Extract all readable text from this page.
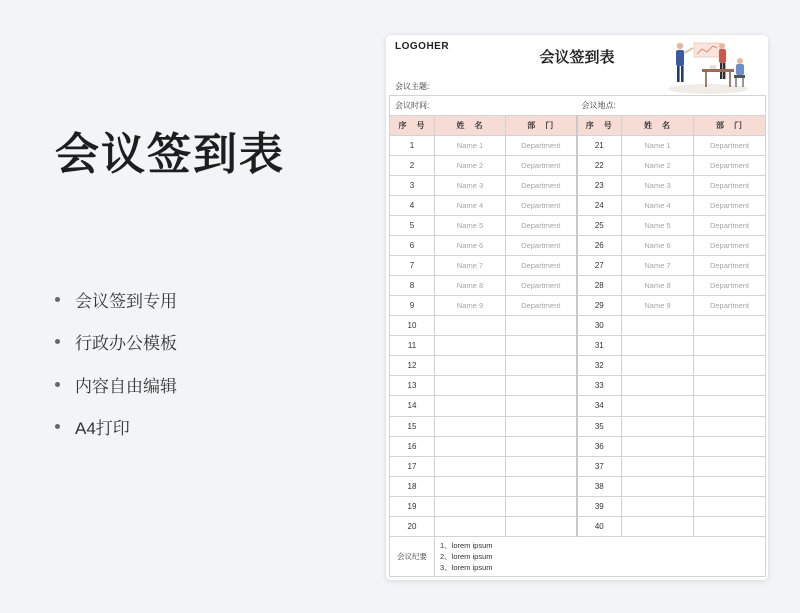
会议签到表
会议签到专用
行政办公模板
内容自由编辑
A4打印
LOGOHER
会议签到表
会议主题:
会议时间:			会议地点:		
序　号	姓　名	部　门	序　号	姓　名	部　门
1	Name 1	Department	21	Name 1	Department
2	Name 2	Department	22	Name 2	Department
3	Name 3	Department	23	Name 3	Department
4	Name 4	Department	24	Name 4	Department
5	Name 5	Department	25	Name 5	Department
6	Name 6	Department	26	Name 6	Department
7	Name 7	Department	27	Name 7	Department
8	Name 8	Department	28	Name 8	Department
9	Name 9	Department	29	Name 9	Department
10			30		
11			31		
12			32		
13			33		
14			34		
15			35		
16			36		
17			37		
18			38		
19			39		
20			40		
会议纪要	1、lorem ipsum
2、lorem ipsum
3、lorem ipsum				
